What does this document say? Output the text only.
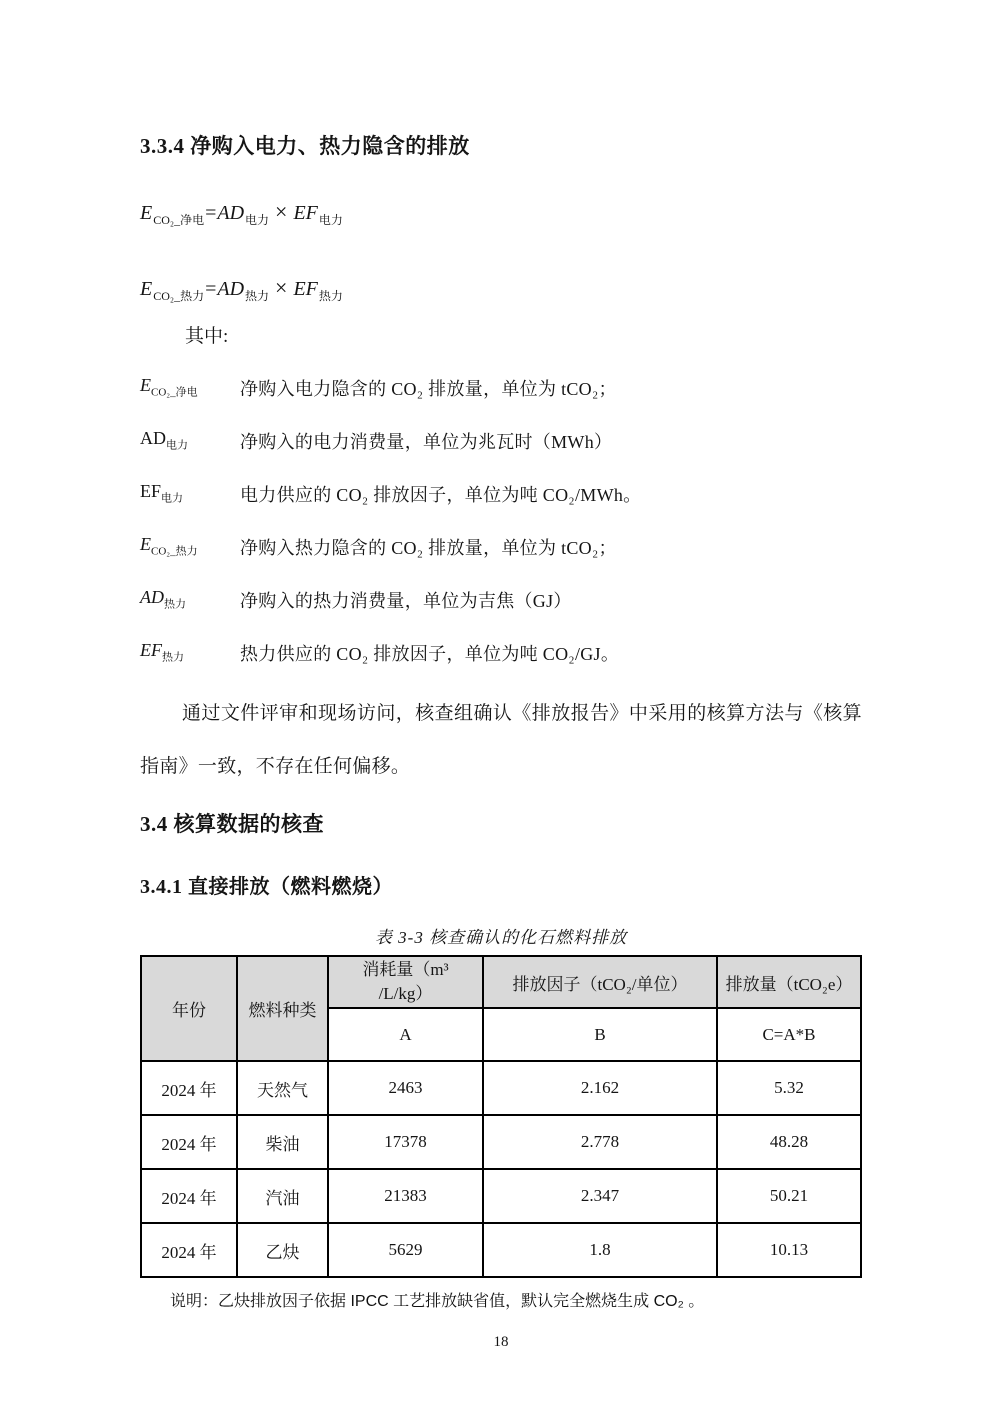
3.3.4 净购入电力、热力隐含的排放
$E_{CO_2\_净电}=AD_{电力} \times EF_{电力}$
$E_{CO_2\_热力}=AD_{热力} \times EF_{热力}$
其中:
$E_{CO_2\_净电}$	净购入电力隐含的 CO₂ 排放量，单位为 tCO₂；
$AD_{电力}$	净购入的电力消费量，单位为兆瓦时（MWh）
$EF_{电力}$	电力供应的 CO₂ 排放因子，单位为吨 CO₂/MWh。
$E_{CO_2\_热力}$	净购入热力隐含的 CO₂ 排放量，单位为 tCO₂；
$AD_{热力}$	净购入的热力消费量，单位为吉焦（GJ）
$EF_{热力}$	热力供应的 CO₂ 排放因子，单位为吨 CO₂/GJ。

通过文件评审和现场访问，核查组确认《排放报告》中采用的核算方法与《核算指南》一致，不存在任何偏移。

3.4 核算数据的核查
3.4.1 直接排放（燃料燃烧）
表 3-3 核查确认的化石燃料排放
年份	燃料种类	消耗量（m³
/L/kg）	排放因子（tCO₂/单位）	排放量（tCO₂e）
		A	B	C=A*B
2024 年	天然气	2463	2.162	5.32
2024 年	柴油	17378	2.778	48.28
2024 年	汽油	21383	2.347	50.21
2024 年	乙炔	5629	1.8	10.13
说明：乙炔排放因子依据 IPCC 工艺排放缺省值，默认完全燃烧生成 CO₂ 。
18
